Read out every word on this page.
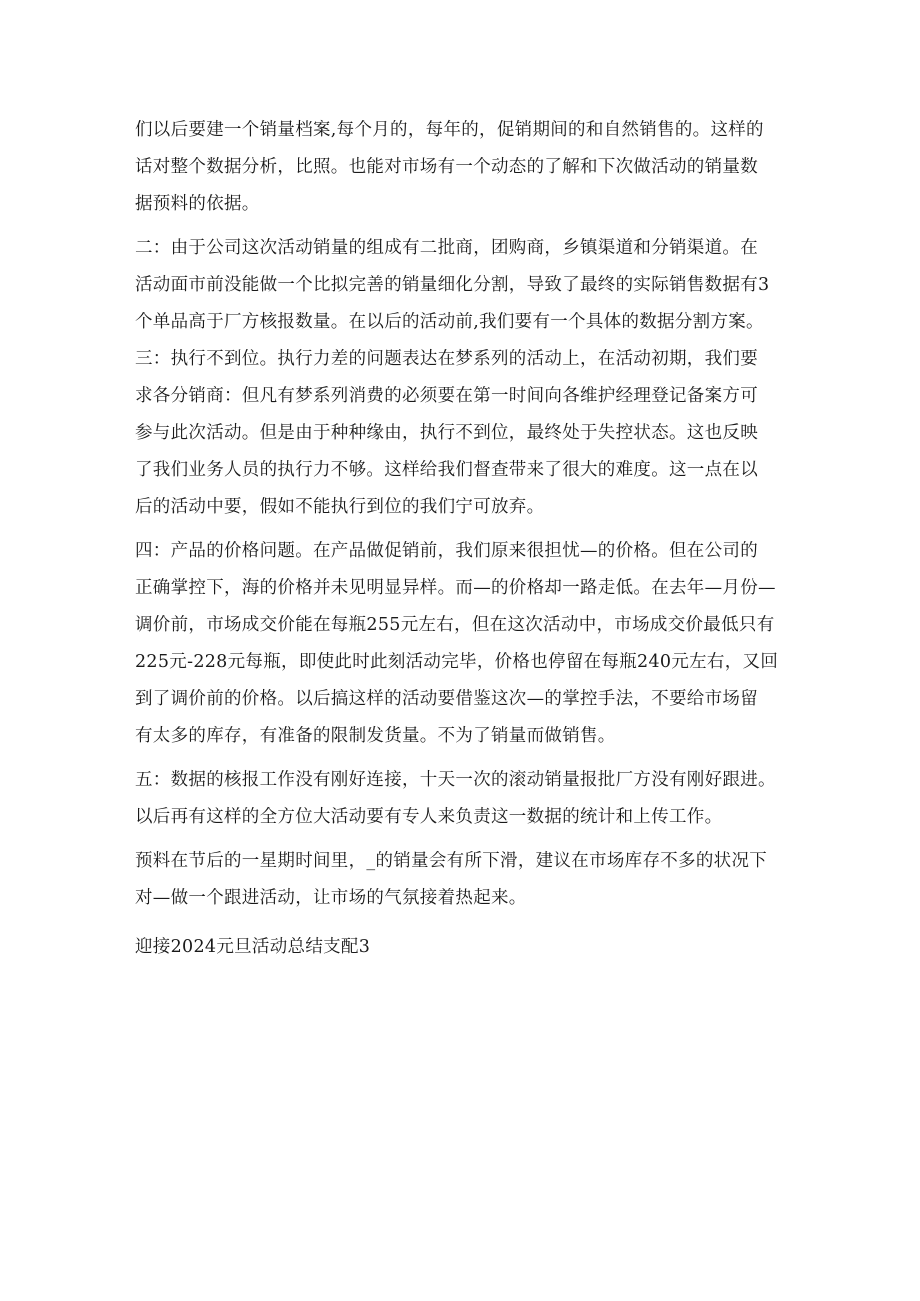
们以后要建一个销量档案,每个月的，每年的，促销期间的和自然销售的。这样的
话对整个数据分析，比照。也能对市场有一个动态的了解和下次做活动的销量数
据预料的依据。
二：由于公司这次活动销量的组成有二批商，团购商，乡镇渠道和分销渠道。在
活动面市前没能做一个比拟完善的销量细化分割，导致了最终的实际销售数据有3
个单品高于厂方核报数量。在以后的活动前,我们要有一个具体的数据分割方案。
三：执行不到位。执行力差的问题表达在梦系列的活动上，在活动初期，我们要
求各分销商：但凡有梦系列消费的必须要在第一时间向各维护经理登记备案方可
参与此次活动。但是由于种种缘由，执行不到位，最终处于失控状态。这也反映
了我们业务人员的执行力不够。这样给我们督查带来了很大的难度。这一点在以
后的活动中要，假如不能执行到位的我们宁可放弃。
四：产品的价格问题。在产品做促销前，我们原来很担忧—的价格。但在公司的
正确掌控下，海的价格并未见明显异样。而—的价格却一路走低。在去年—月份—
调价前，市场成交价能在每瓶255元左右，但在这次活动中，市场成交价最低只有
225元-228元每瓶，即使此时此刻活动完毕，价格也停留在每瓶240元左右，又回
到了调价前的价格。以后搞这样的活动要借鉴这次—的掌控手法，不要给市场留
有太多的库存，有准备的限制发货量。不为了销量而做销售。
五：数据的核报工作没有刚好连接，十天一次的滚动销量报批厂方没有刚好跟进。
以后再有这样的全方位大活动要有专人来负责这一数据的统计和上传工作。
预料在节后的一星期时间里，_的销量会有所下滑，建议在市场库存不多的状况下
对—做一个跟进活动，让市场的气氛接着热起来。
迎接2024元旦活动总结支配3
